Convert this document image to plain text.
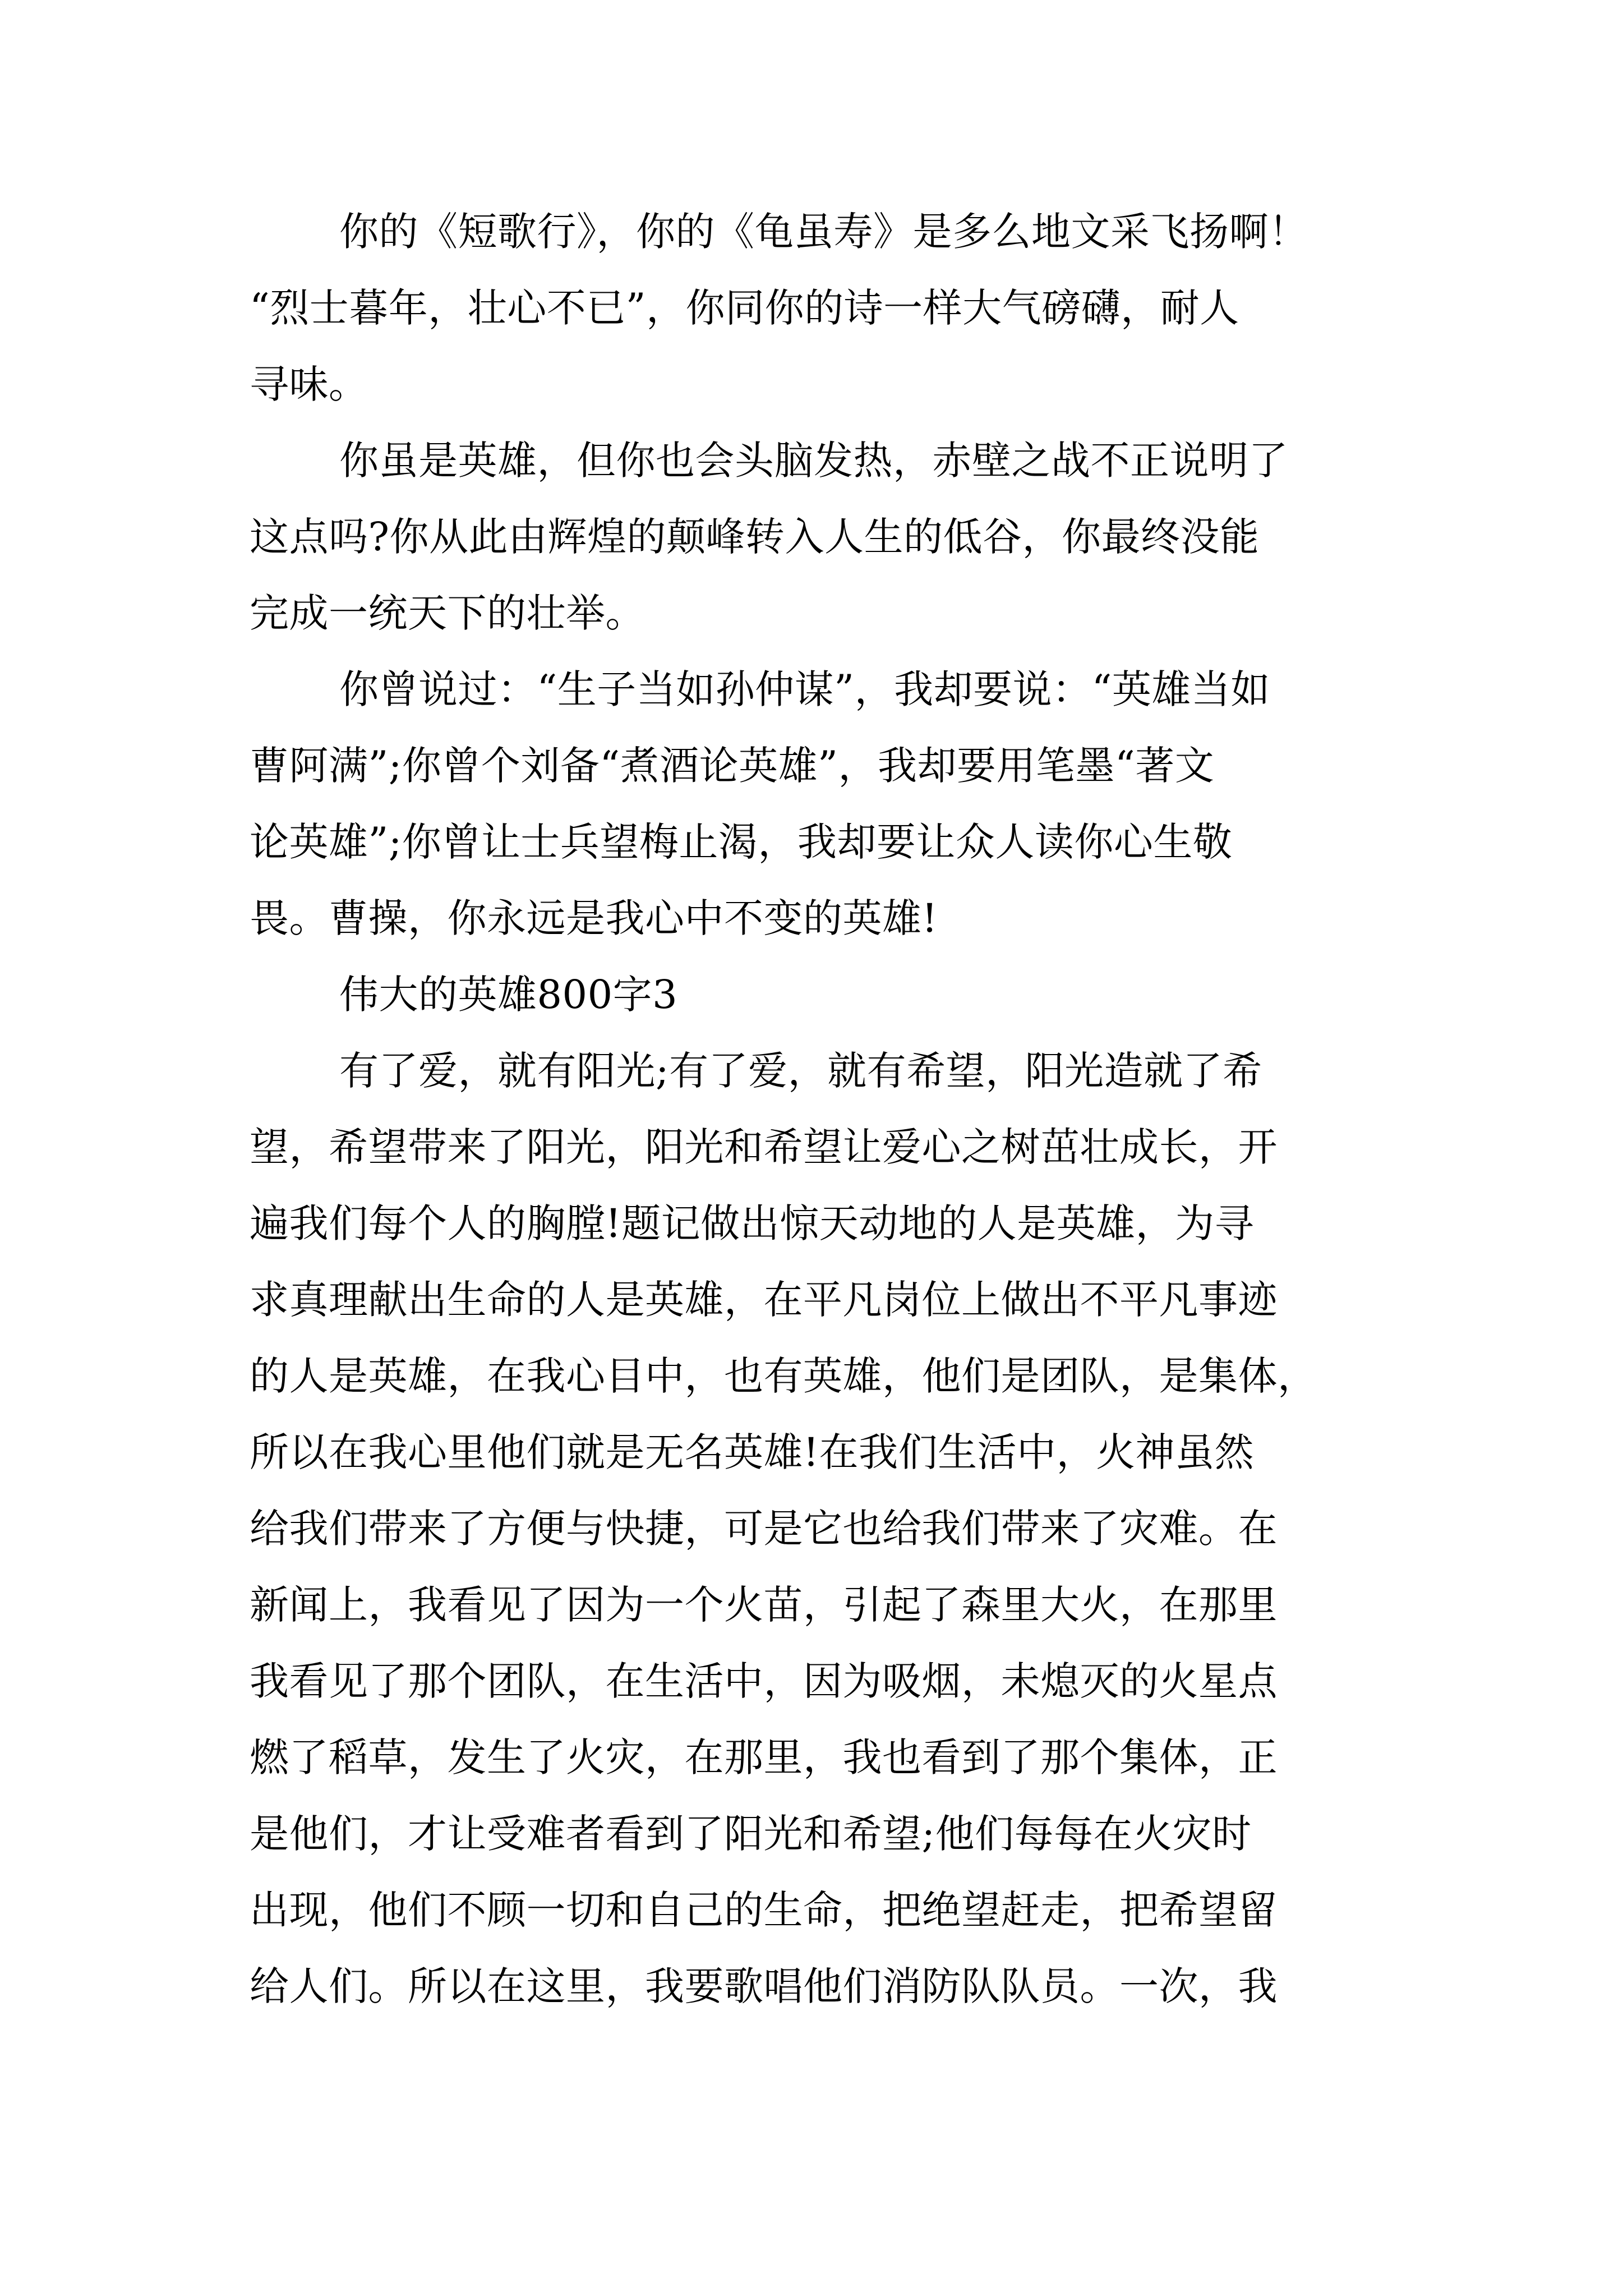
你的《短歌行》，你的《龟虽寿》是多么地文采飞扬啊！
“烈士暮年，壮心不已”，你同你的诗一样大气磅礴，耐人
寻味。
你虽是英雄，但你也会头脑发热，赤壁之战不正说明了
这点吗?你从此由辉煌的颠峰转入人生的低谷，你最终没能
完成一统天下的壮举。
你曾说过：“生子当如孙仲谋”，我却要说：“英雄当如
曹阿满”;你曾个刘备“煮酒论英雄”，我却要用笔墨“著文
论英雄”;你曾让士兵望梅止渴，我却要让众人读你心生敬
畏。曹操，你永远是我心中不变的英雄!
伟大的英雄800字3
有了爱，就有阳光;有了爱，就有希望，阳光造就了希
望，希望带来了阳光，阳光和希望让爱心之树茁壮成长，开
遍我们每个人的胸膛!题记做出惊天动地的人是英雄，为寻
求真理献出生命的人是英雄，在平凡岗位上做出不平凡事迹
的人是英雄，在我心目中，也有英雄，他们是团队，是集体，
所以在我心里他们就是无名英雄!在我们生活中，火神虽然
给我们带来了方便与快捷，可是它也给我们带来了灾难。在
新闻上，我看见了因为一个火苗，引起了森里大火，在那里
我看见了那个团队，在生活中，因为吸烟，未熄灭的火星点
燃了稻草，发生了火灾，在那里，我也看到了那个集体，正
是他们，才让受难者看到了阳光和希望;他们每每在火灾时
出现，他们不顾一切和自己的生命，把绝望赶走，把希望留
给人们。所以在这里，我要歌唱他们消防队队员。一次，我
